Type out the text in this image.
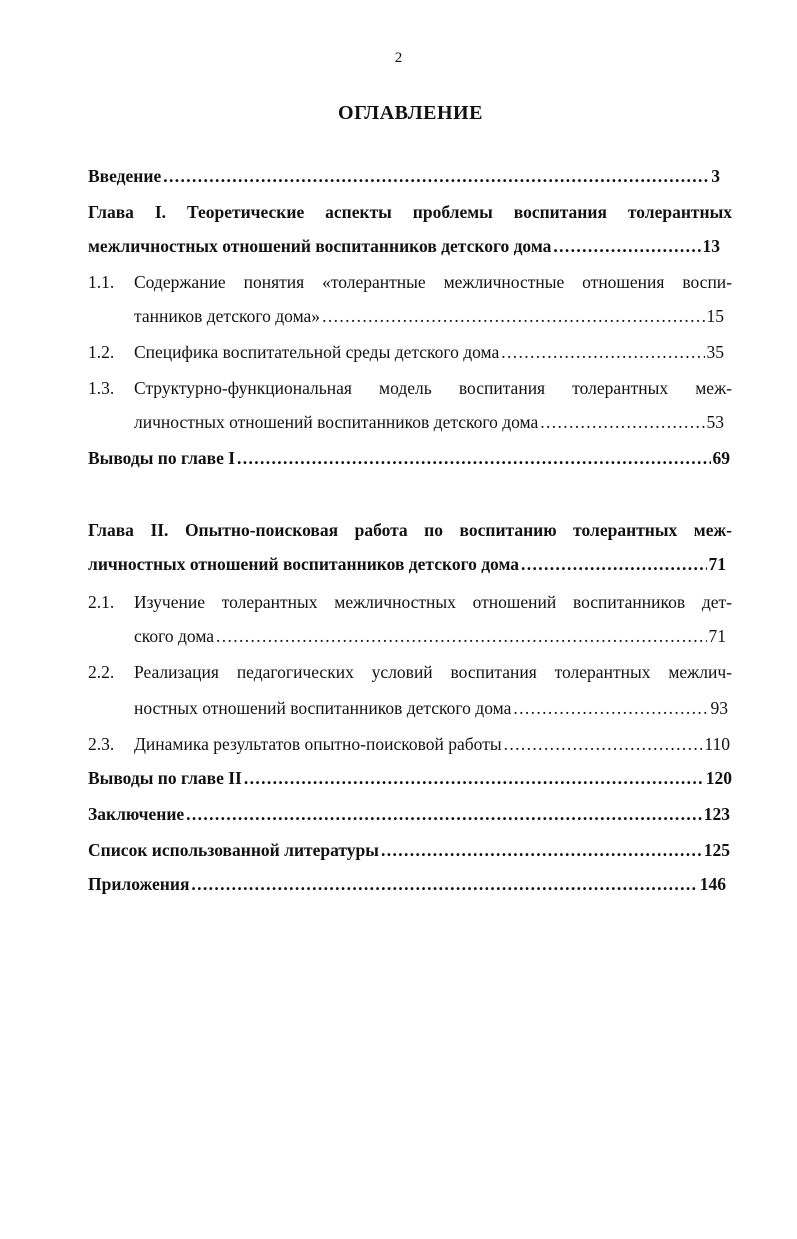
2
ОГЛАВЛЕНИЕ
Введение . . .	3
Глава I. Теоретические аспекты проблемы воспитания толерантных
межличностных отношений воспитанников детского дома . . .	13
1.1.	Содержание понятия «толерантные межличностные отношения воспи-
танников детского дома» . . .	15
1.2.	Специфика воспитательной среды детского дома . . .	35
1.3.	Структурно-функциональная модель воспитания толерантных меж-
личностных отношений воспитанников детского дома . . .	53
Выводы по главе I . . .	69
Глава II. Опытно-поисковая работа по воспитанию толерантных меж-
личностных отношений воспитанников детского дома . . .	71
2.1.	Изучение толерантных межличностных отношений воспитанников дет-
ского дома . . .	71
2.2.	Реализация педагогических условий воспитания толерантных межлич-
ностных отношений воспитанников детского дома . . .	93
2.3.	Динамика результатов опытно-поисковой работы . . .	110
Выводы по главе II . . .	120
Заключение . . .	123
Список использованной литературы . . .	125
Приложения . . .	146
